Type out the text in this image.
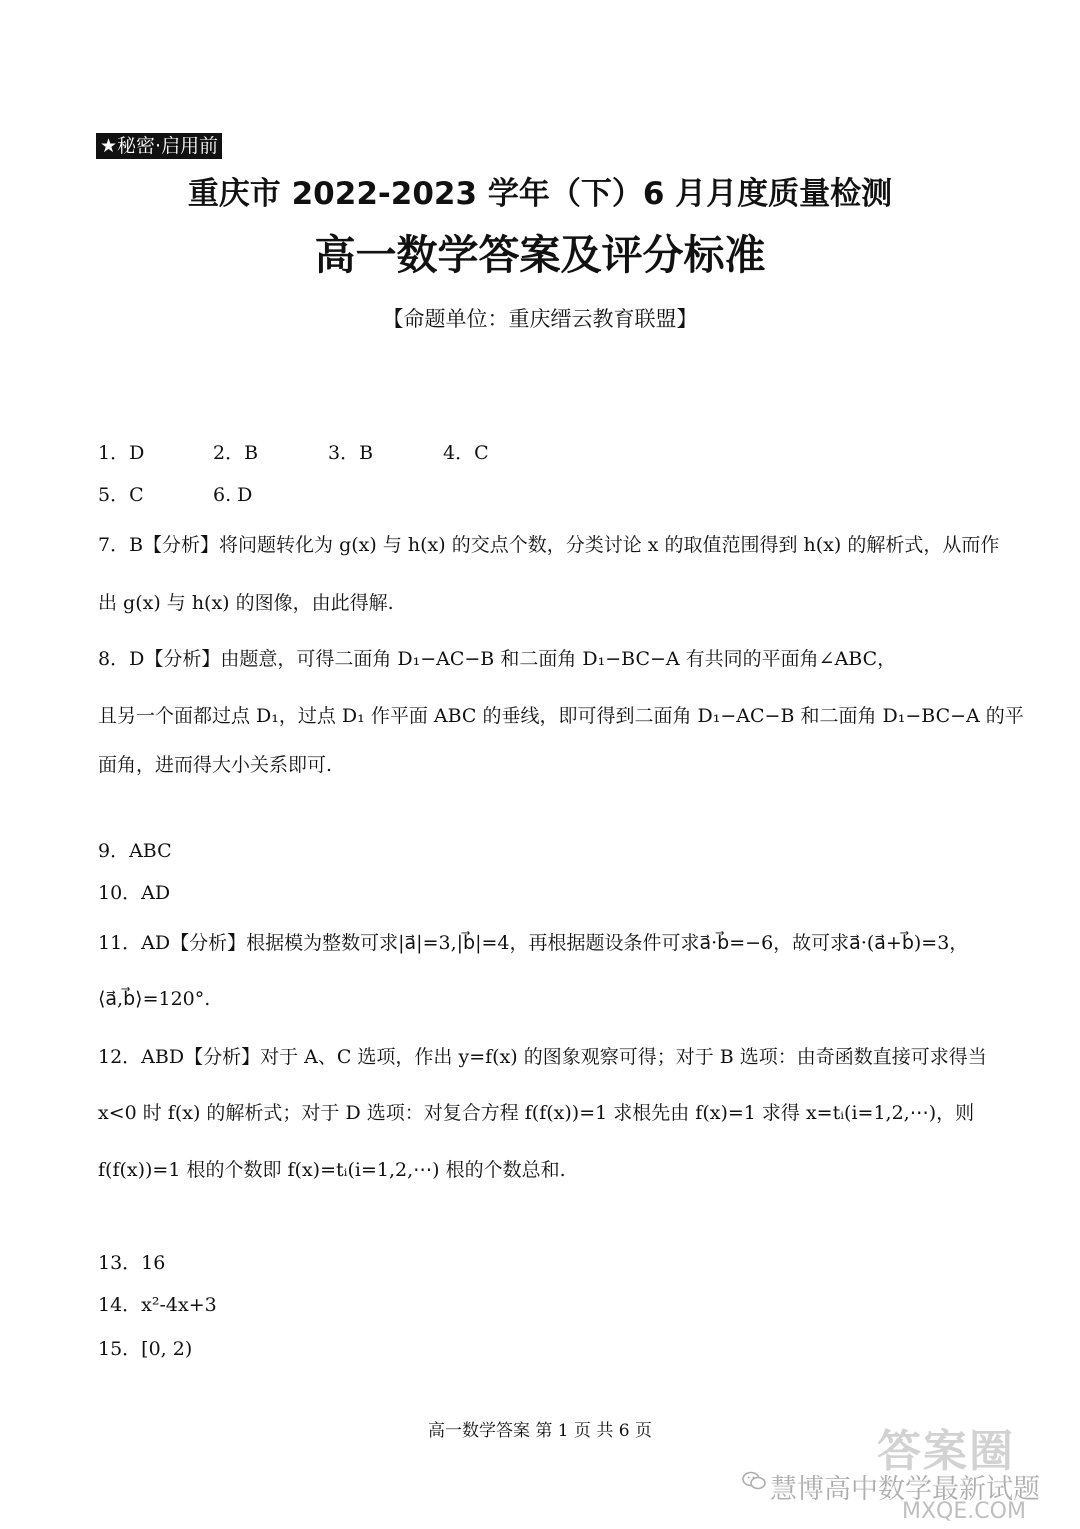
★秘密·启用前
重庆市 2022-2023 学年（下）6 月月度质量检测
高一数学答案及评分标准
【命题单位：重庆缙云教育联盟】
1．D	2．B	3．B	4．C
5．C	6. D
7．B【分析】将问题转化为 g(x) 与 h(x) 的交点个数，分类讨论 x 的取值范围得到 h(x) 的解析式，从而作
出 g(x) 与 h(x) 的图像，由此得解.
8．D【分析】由题意，可得二面角 D₁−AC−B 和二面角 D₁−BC−A 有共同的平面角∠ABC，
且另一个面都过点 D₁，过点 D₁ 作平面 ABC 的垂线，即可得到二面角 D₁−AC−B 和二面角 D₁−BC−A 的平
面角，进而得大小关系即可.
9．ABC
10．AD
11．AD【分析】根据模为整数可求|a⃗|=3,|b⃗|=4，再根据题设条件可求a⃗·b⃗=−6，故可求a⃗·(a⃗+b⃗)=3，
⟨a⃗,b⃗⟩=120°.
12．ABD【分析】对于 A、C 选项，作出 y=f(x) 的图象观察可得；对于 B 选项：由奇函数直接可求得当
x<0 时 f(x) 的解析式；对于 D 选项：对复合方程 f(f(x))=1 求根先由 f(x)=1 求得 x=tᵢ(i=1,2,⋯)，则
f(f(x))=1 根的个数即 f(x)=tᵢ(i=1,2,⋯) 根的个数总和.
13．16
14．x²-4x+3
15．[0, 2)
高一数学答案 第 1 页 共 6 页	答案圈
慧博高中数学最新试题
MXQE.COM
